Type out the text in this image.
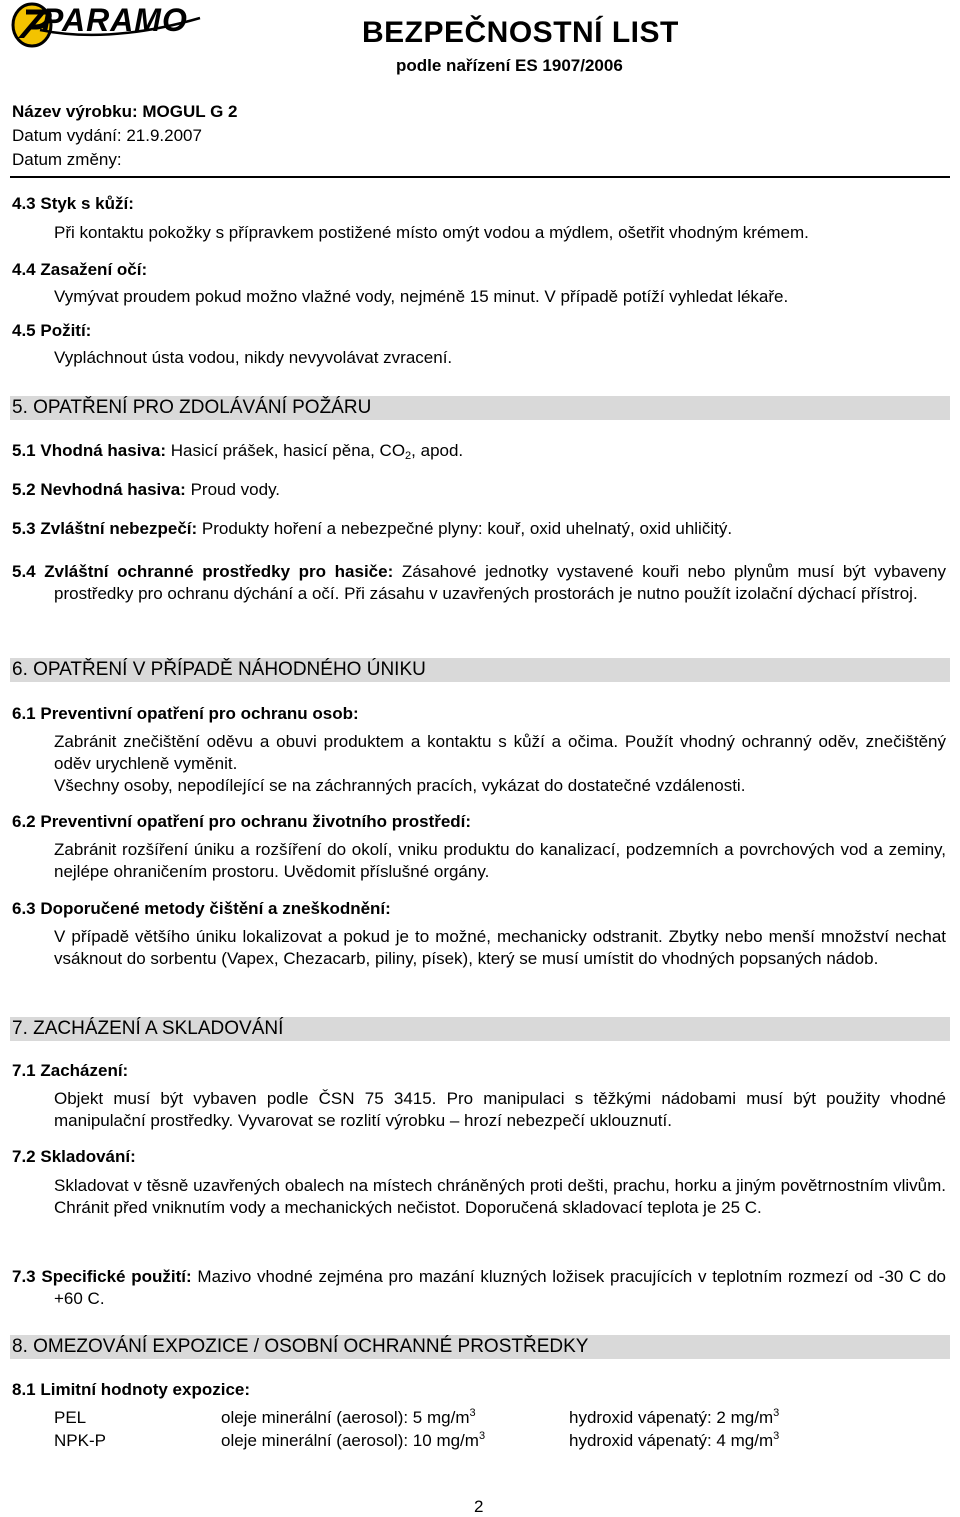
PARAMO	BEZPEČNOSTNÍ LIST
podle nařízení ES 1907/2006
Název výrobku: MOGUL G 2
Datum vydání: 21.9.2007
Datum změny:
4.3 Styk s kůží:
Při kontaktu pokožky s přípravkem postižené místo omýt vodou a mýdlem, ošetřit vhodným krémem.
4.4 Zasažení očí:
Vymývat proudem pokud možno vlažné vody, nejméně 15 minut. V případě potíží vyhledat lékaře.
4.5 Požití:
Vypláchnout ústa vodou, nikdy nevyvolávat zvracení.
5. OPATŘENÍ PRO ZDOLÁVÁNÍ POŽÁRU
5.1 Vhodná hasiva: Hasicí prášek, hasicí pěna, $CO_2$, apod.
5.2 Nevhodná hasiva: Proud vody.
5.3 Zvláštní nebezpečí: Produkty hoření a nebezpečné plyny: kouř, oxid uhelnatý, oxid uhličitý.
5.4 Zvláštní ochranné prostředky pro hasiče: Zásahové jednotky vystavené kouři nebo plynům musí být vybaveny prostředky pro ochranu dýchání a očí. Při zásahu v uzavřených prostorách je nutno použít izolační dýchací přístroj.
6. OPATŘENÍ V PŘÍPADĚ NÁHODNÉHO ÚNIKU
6.1 Preventivní opatření pro ochranu osob:
Zabránit znečištění oděvu a obuvi produktem a kontaktu s kůží a očima. Použít vhodný ochranný oděv, znečištěný oděv urychleně vyměnit.
Všechny osoby, nepodílející se na záchranných pracích, vykázat do dostatečné vzdálenosti.
6.2 Preventivní opatření pro ochranu životního prostředí:
Zabránit rozšíření úniku a rozšíření do okolí, vniku produktu do kanalizací, podzemních a povrchových vod a zeminy, nejlépe ohraničením prostoru. Uvědomit příslušné orgány.
6.3 Doporučené metody čištění a zneškodnění:
V případě většího úniku lokalizovat a pokud je to možné, mechanicky odstranit. Zbytky nebo menší množství nechat vsáknout do sorbentu (Vapex, Chezacarb, piliny, písek), který se musí umístit do vhodných popsaných nádob.
7. ZACHÁZENÍ A SKLADOVÁNÍ
7.1 Zacházení:
Objekt musí být vybaven podle ČSN 75 3415. Pro manipulaci s těžkými nádobami musí být použity vhodné manipulační prostředky. Vyvarovat se rozlití výrobku – hrozí nebezpečí uklouznutí.
7.2 Skladování:
Skladovat v těsně uzavřených obalech na místech chráněných proti dešti, prachu, horku a jiným povětrnostním vlivům. Chránit před vniknutím vody a mechanických nečistot. Doporučená skladovací teplota je 25 C.
7.3 Specifické použití: Mazivo vhodné zejména pro mazání kluzných ložisek pracujících v teplotním rozmezí od -30 C do +60 C.
8. OMEZOVÁNÍ EXPOZICE / OSOBNÍ OCHRANNÉ PROSTŘEDKY
8.1 Limitní hodnoty expozice:
PEL	oleje minerální (aerosol): 5 $mg/m^3$	hydroxid vápenatý: 2 $mg/m^3$
NPK-P	oleje minerální (aerosol): 10 $mg/m^3$	hydroxid vápenatý: 4 $mg/m^3$
2
